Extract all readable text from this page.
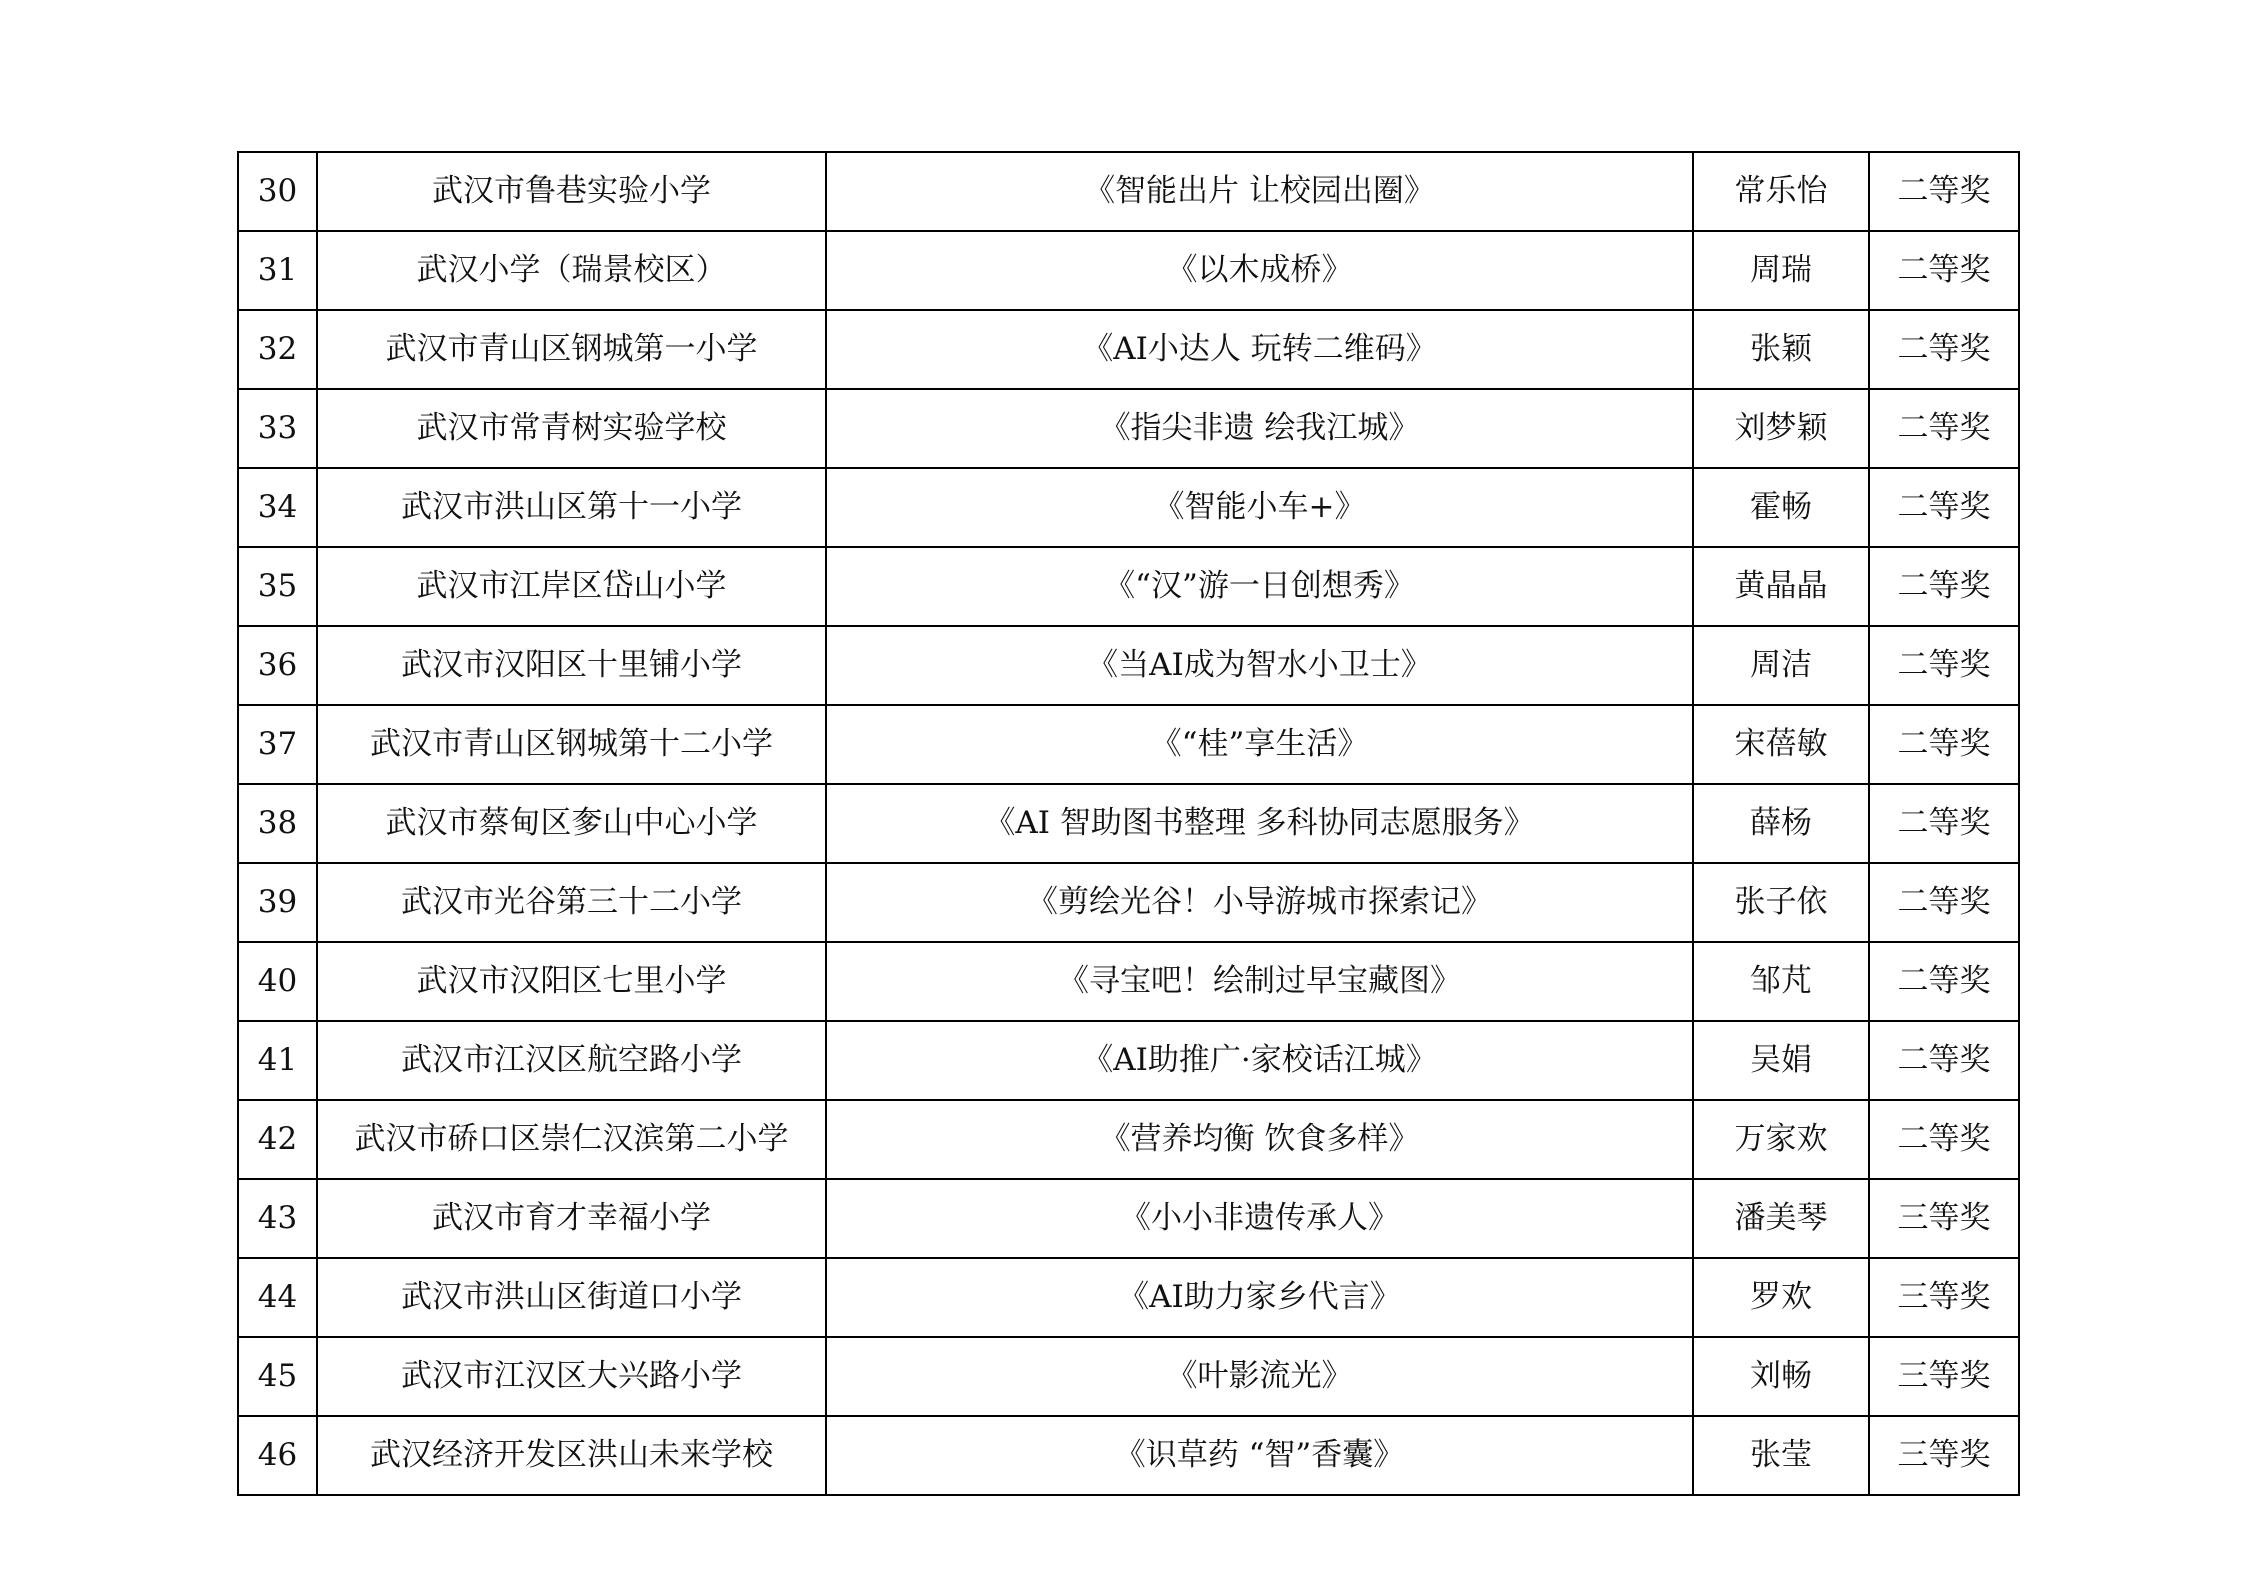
30	武汉市鲁巷实验小学	《智能出片 让校园出圈》	常乐怡	二等奖
31	武汉小学（瑞景校区）	《以木成桥》	周瑞	二等奖
32	武汉市青山区钢城第一小学	《AI小达人 玩转二维码》	张颖	二等奖
33	武汉市常青树实验学校	《指尖非遗 绘我江城》	刘梦颖	二等奖
34	武汉市洪山区第十一小学	《智能小车+》	霍畅	二等奖
35	武汉市江岸区岱山小学	《“汉”游一日创想秀》	黄晶晶	二等奖
36	武汉市汉阳区十里铺小学	《当AI成为智水小卫士》	周洁	二等奖
37	武汉市青山区钢城第十二小学	《“桂”享生活》	宋蓓敏	二等奖
38	武汉市蔡甸区奓山中心小学	《AI 智助图书整理 多科协同志愿服务》	薛杨	二等奖
39	武汉市光谷第三十二小学	《剪绘光谷！小导游城市探索记》	张子依	二等奖
40	武汉市汉阳区七里小学	《寻宝吧！绘制过早宝藏图》	邹芃	二等奖
41	武汉市江汉区航空路小学	《AI助推广·家校话江城》	吴娟	二等奖
42	武汉市硚口区崇仁汉滨第二小学	《营养均衡 饮食多样》	万家欢	二等奖
43	武汉市育才幸福小学	《小小非遗传承人》	潘美琴	三等奖
44	武汉市洪山区街道口小学	《AI助力家乡代言》	罗欢	三等奖
45	武汉市江汉区大兴路小学	《叶影流光》	刘畅	三等奖
46	武汉经济开发区洪山未来学校	《识草药 “智”香囊》	张莹	三等奖
